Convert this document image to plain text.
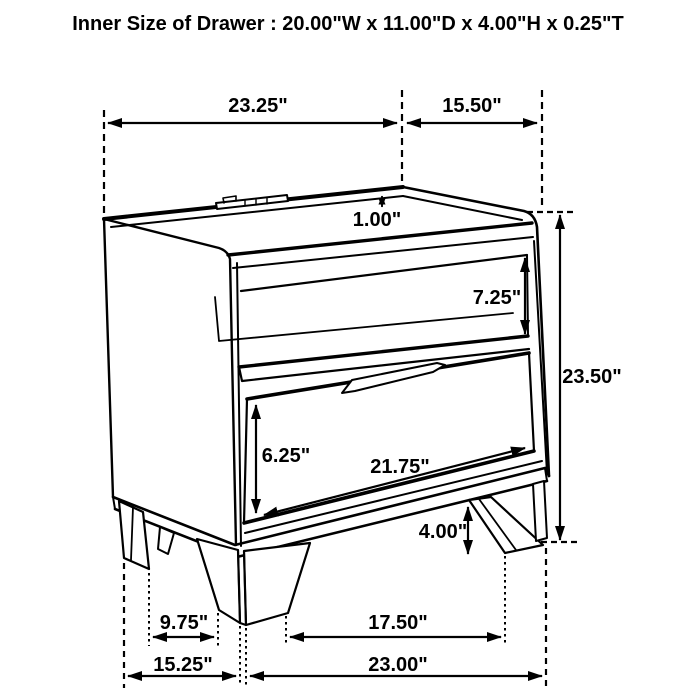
Inner Size of Drawer : 20.00"W x 11.00"D x 4.00"H x 0.25"T
23.25"	15.50"
1.00"
7.25"
23.50"
6.25"	21.75"
4.00"
9.75"	17.50"
15.25"	23.00"
